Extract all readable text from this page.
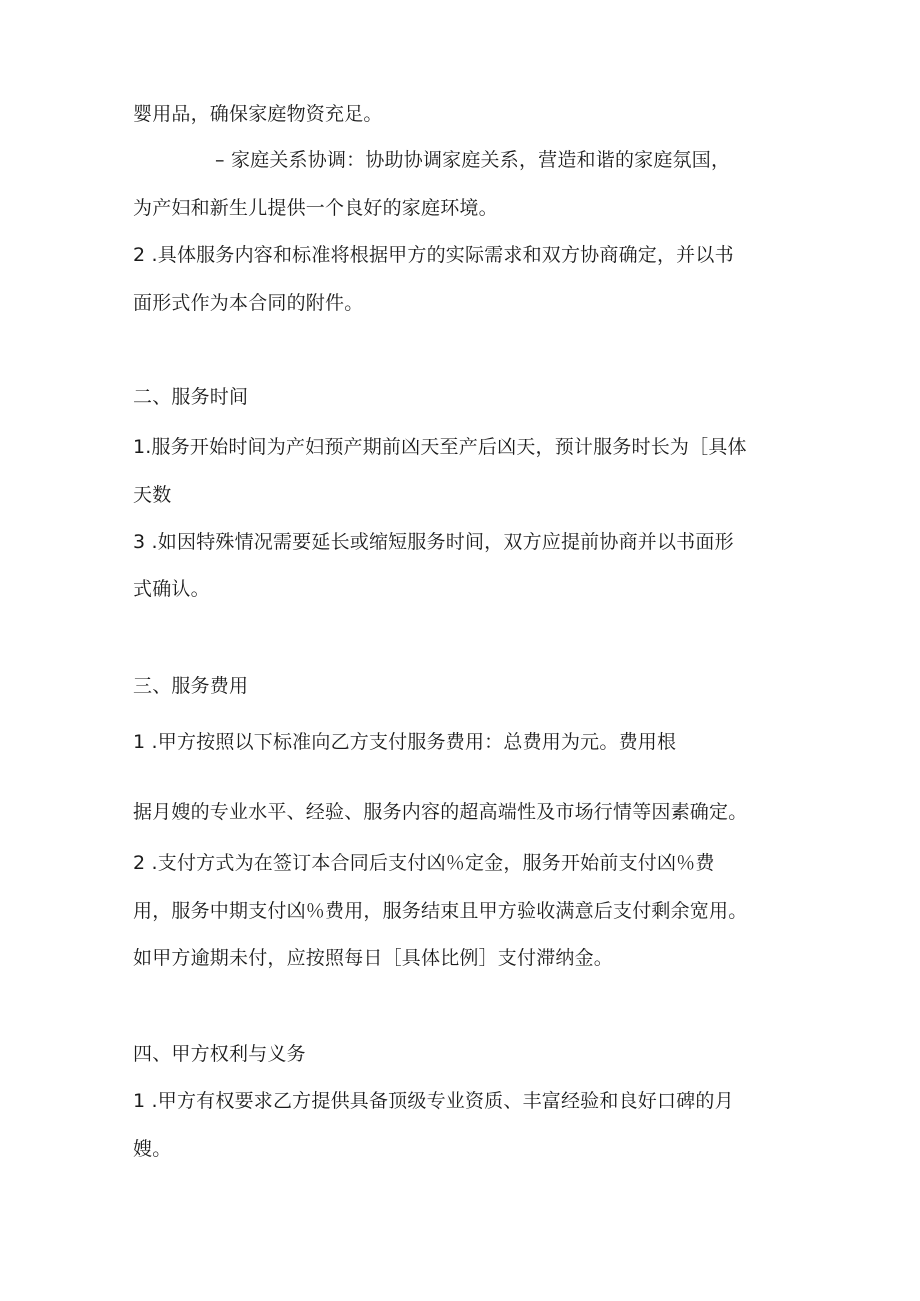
婴用品，确保家庭物资充足。
– 家庭关系协调：协助协调家庭关系，营造和谐的家庭氛国，
为产妇和新生儿提供一个良好的家庭环境。
2 .具体服务内容和标准将根据甲方的实际需求和双方协商确定，并以书
面形式作为本合同的附件。
二、服务时间
1.服务开始时间为产妇预产期前凶天至产后凶天，预计服务时长为［具体
天数
3 .如因特殊情况需要延长或缩短服务时间，双方应提前协商并以书面形
式确认。
三、服务费用
1 .甲方按照以下标准向乙方支付服务费用：总费用为元。费用根
据月嫂的专业水平、经验、服务内容的超高端性及市场行情等因素确定。
2 .支付方式为在签订本合同后支付凶％定金，服务开始前支付凶％费
用，服务中期支付凶％费用，服务结束且甲方验收满意后支付剩余宽用。
如甲方逾期未付，应按照每日［具体比例］支付滞纳金。
四、甲方权利与义务
1 .甲方有权要求乙方提供具备顶级专业资质、丰富经验和良好口碑的月
嫂。
